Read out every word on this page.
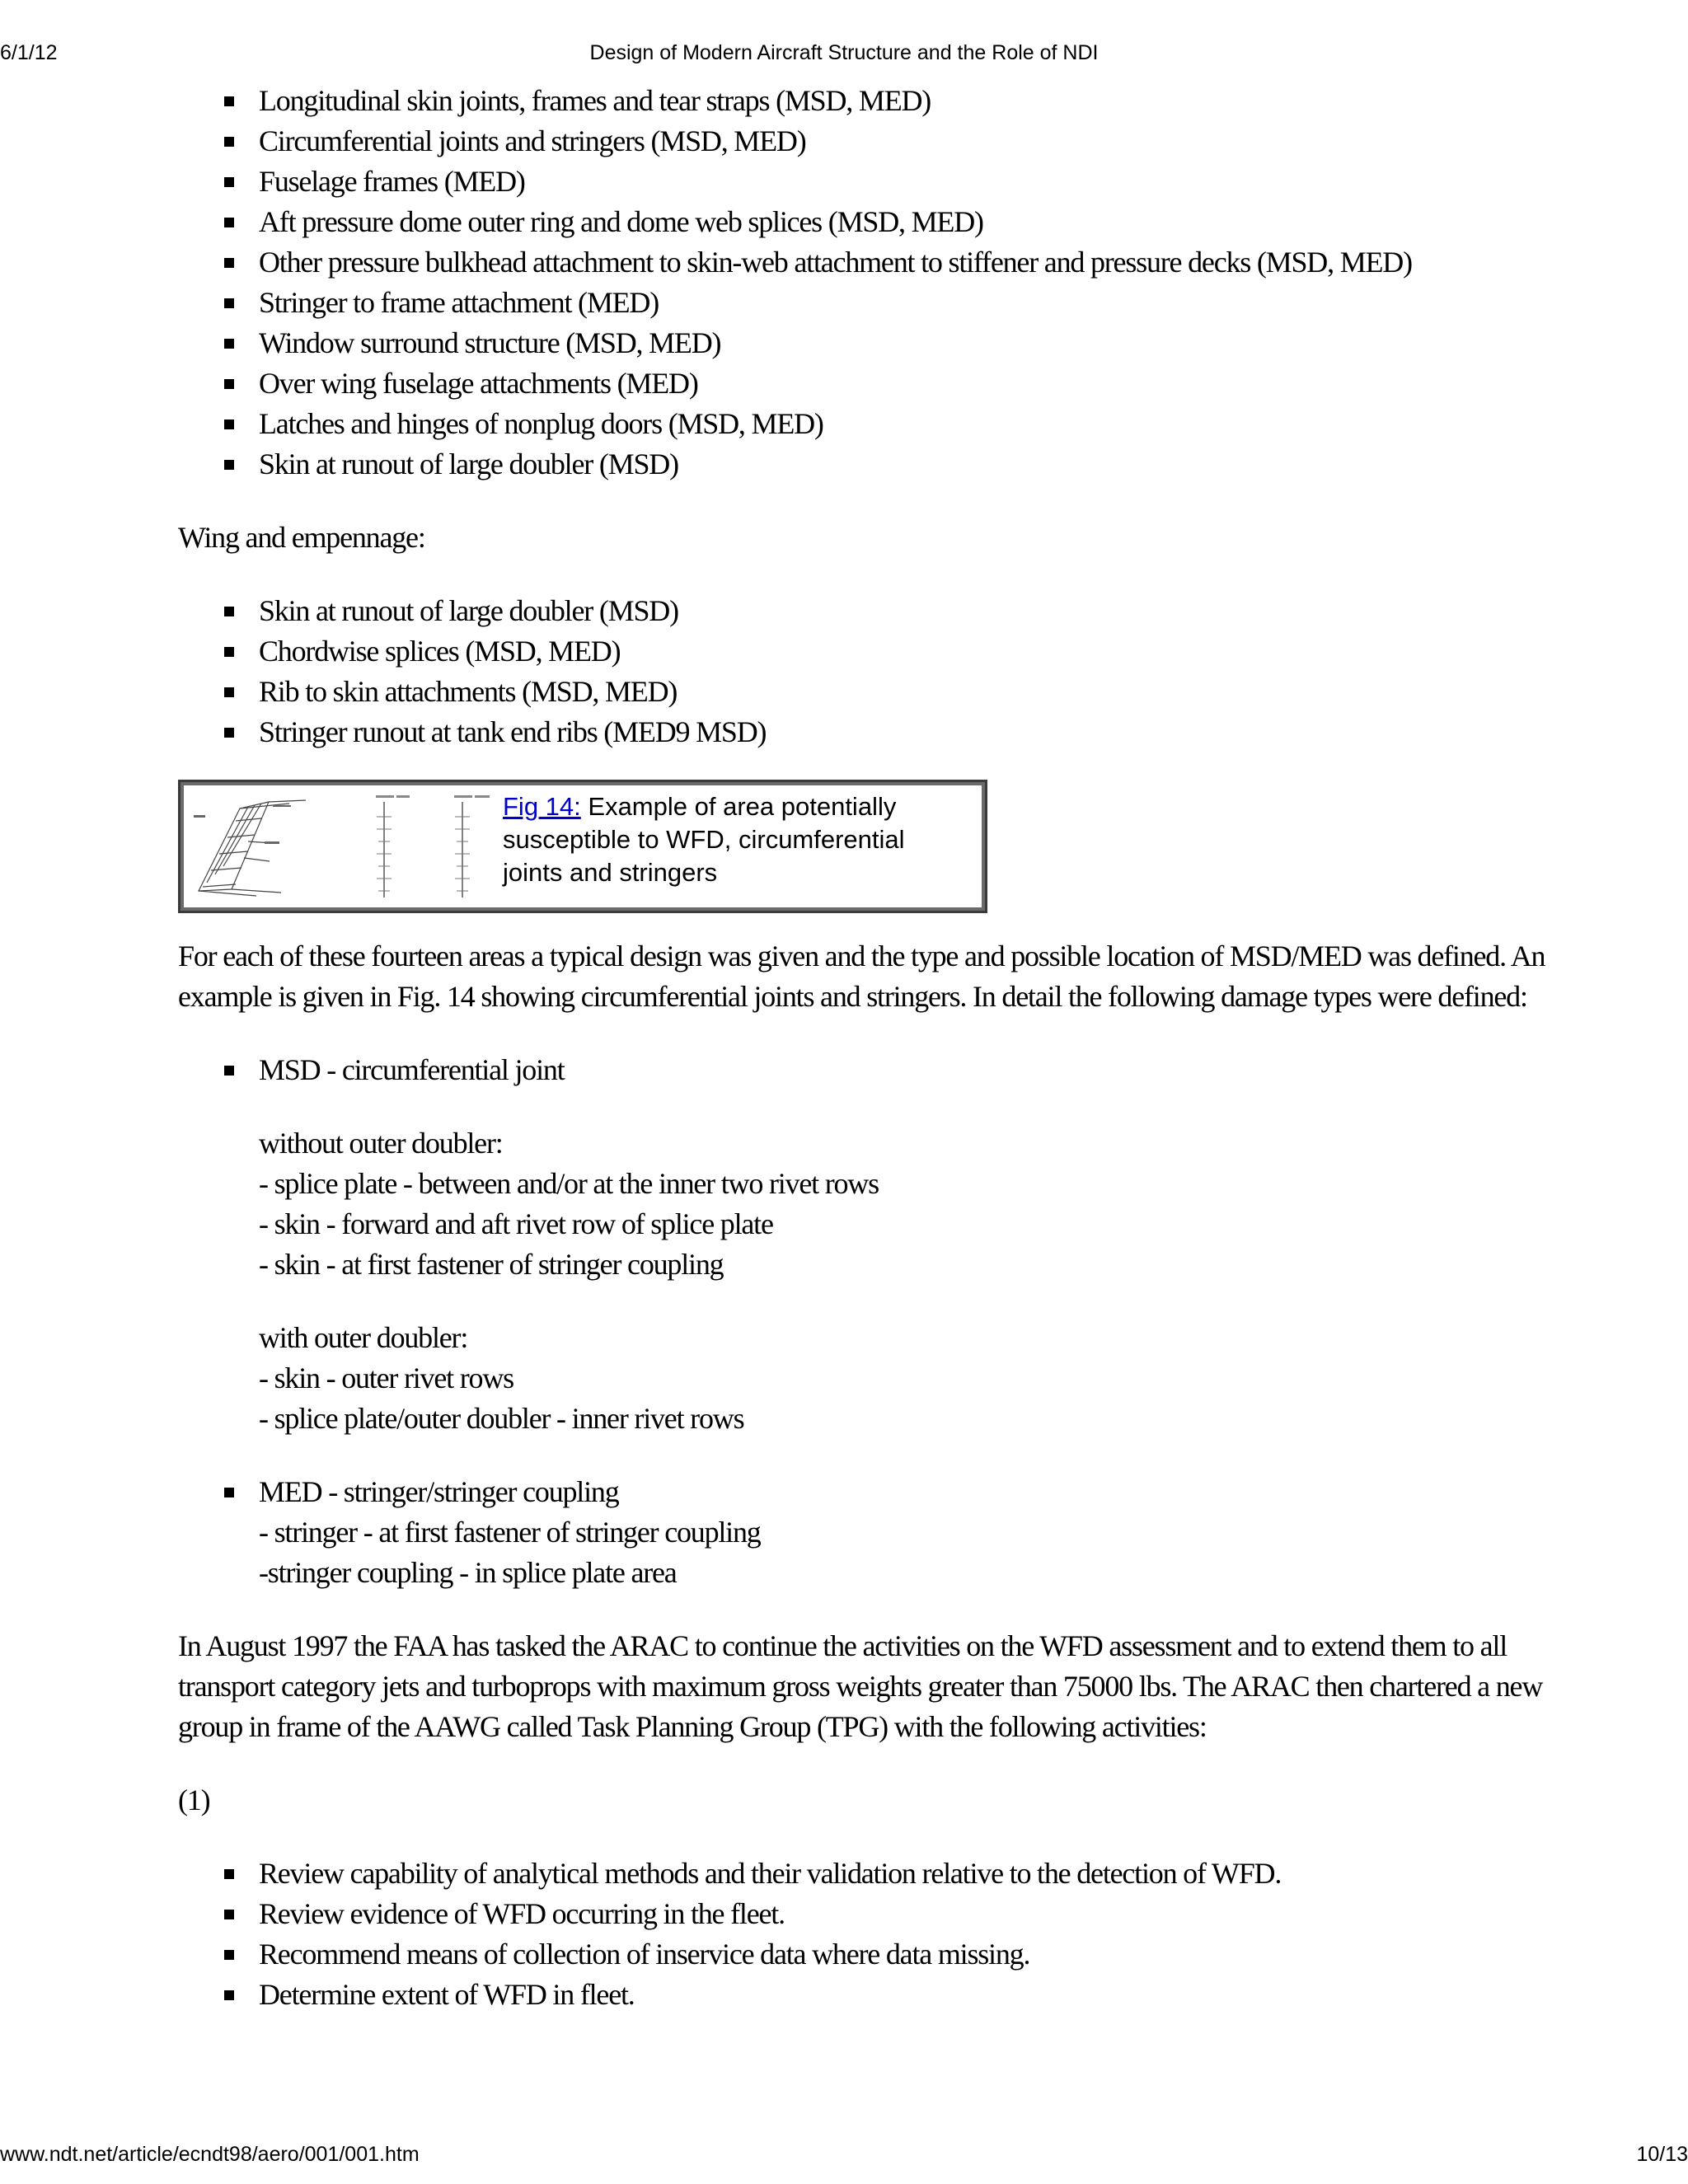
6/1/12	Design of Modern Aircraft Structure and the Role of NDI
Longitudinal skin joints, frames and tear straps (MSD, MED)
Circumferential joints and stringers (MSD, MED)
Fuselage frames (MED)
Aft pressure dome outer ring and dome web splices (MSD, MED)
Other pressure bulkhead attachment to skin-web attachment to stiffener and pressure decks (MSD, MED)
Stringer to frame attachment (MED)
Window surround structure (MSD, MED)
Over wing fuselage attachments (MED)
Latches and hinges of nonplug doors (MSD, MED)
Skin at runout of large doubler (MSD)

Wing and empennage:

Skin at runout of large doubler (MSD)
Chordwise splices (MSD, MED)
Rib to skin attachments (MSD, MED)
Stringer runout at tank end ribs (MED9 MSD)
Fig 14: Example of area potentially susceptible to WFD, circumferential joints and stringers

For each of these fourteen areas a typical design was given and the type and possible location of MSD/MED was defined. An example is given in Fig. 14 showing circumferential joints and stringers. In detail the following damage types were defined:

MSD - circumferential joint
without outer doubler:
- splice plate - between and/or at the inner two rivet rows
- skin - forward and aft rivet row of splice plate
- skin - at first fastener of stringer coupling
with outer doubler:
- skin - outer rivet rows
- splice plate/outer doubler - inner rivet rows
MED - stringer/stringer coupling
- stringer - at first fastener of stringer coupling
-stringer coupling - in splice plate area

In August 1997 the FAA has tasked the ARAC to continue the activities on the WFD assessment and to extend them to all transport category jets and turboprops with maximum gross weights greater than 75000 lbs. The ARAC then chartered a new group in frame of the AAWG called Task Planning Group (TPG) with the following activities:

(1)

Review capability of analytical methods and their validation relative to the detection of WFD.
Review evidence of WFD occurring in the fleet.
Recommend means of collection of inservice data where data missing.
Determine extent of WFD in fleet.
www.ndt.net/article/ecndt98/aero/001/001.htm	10/13
